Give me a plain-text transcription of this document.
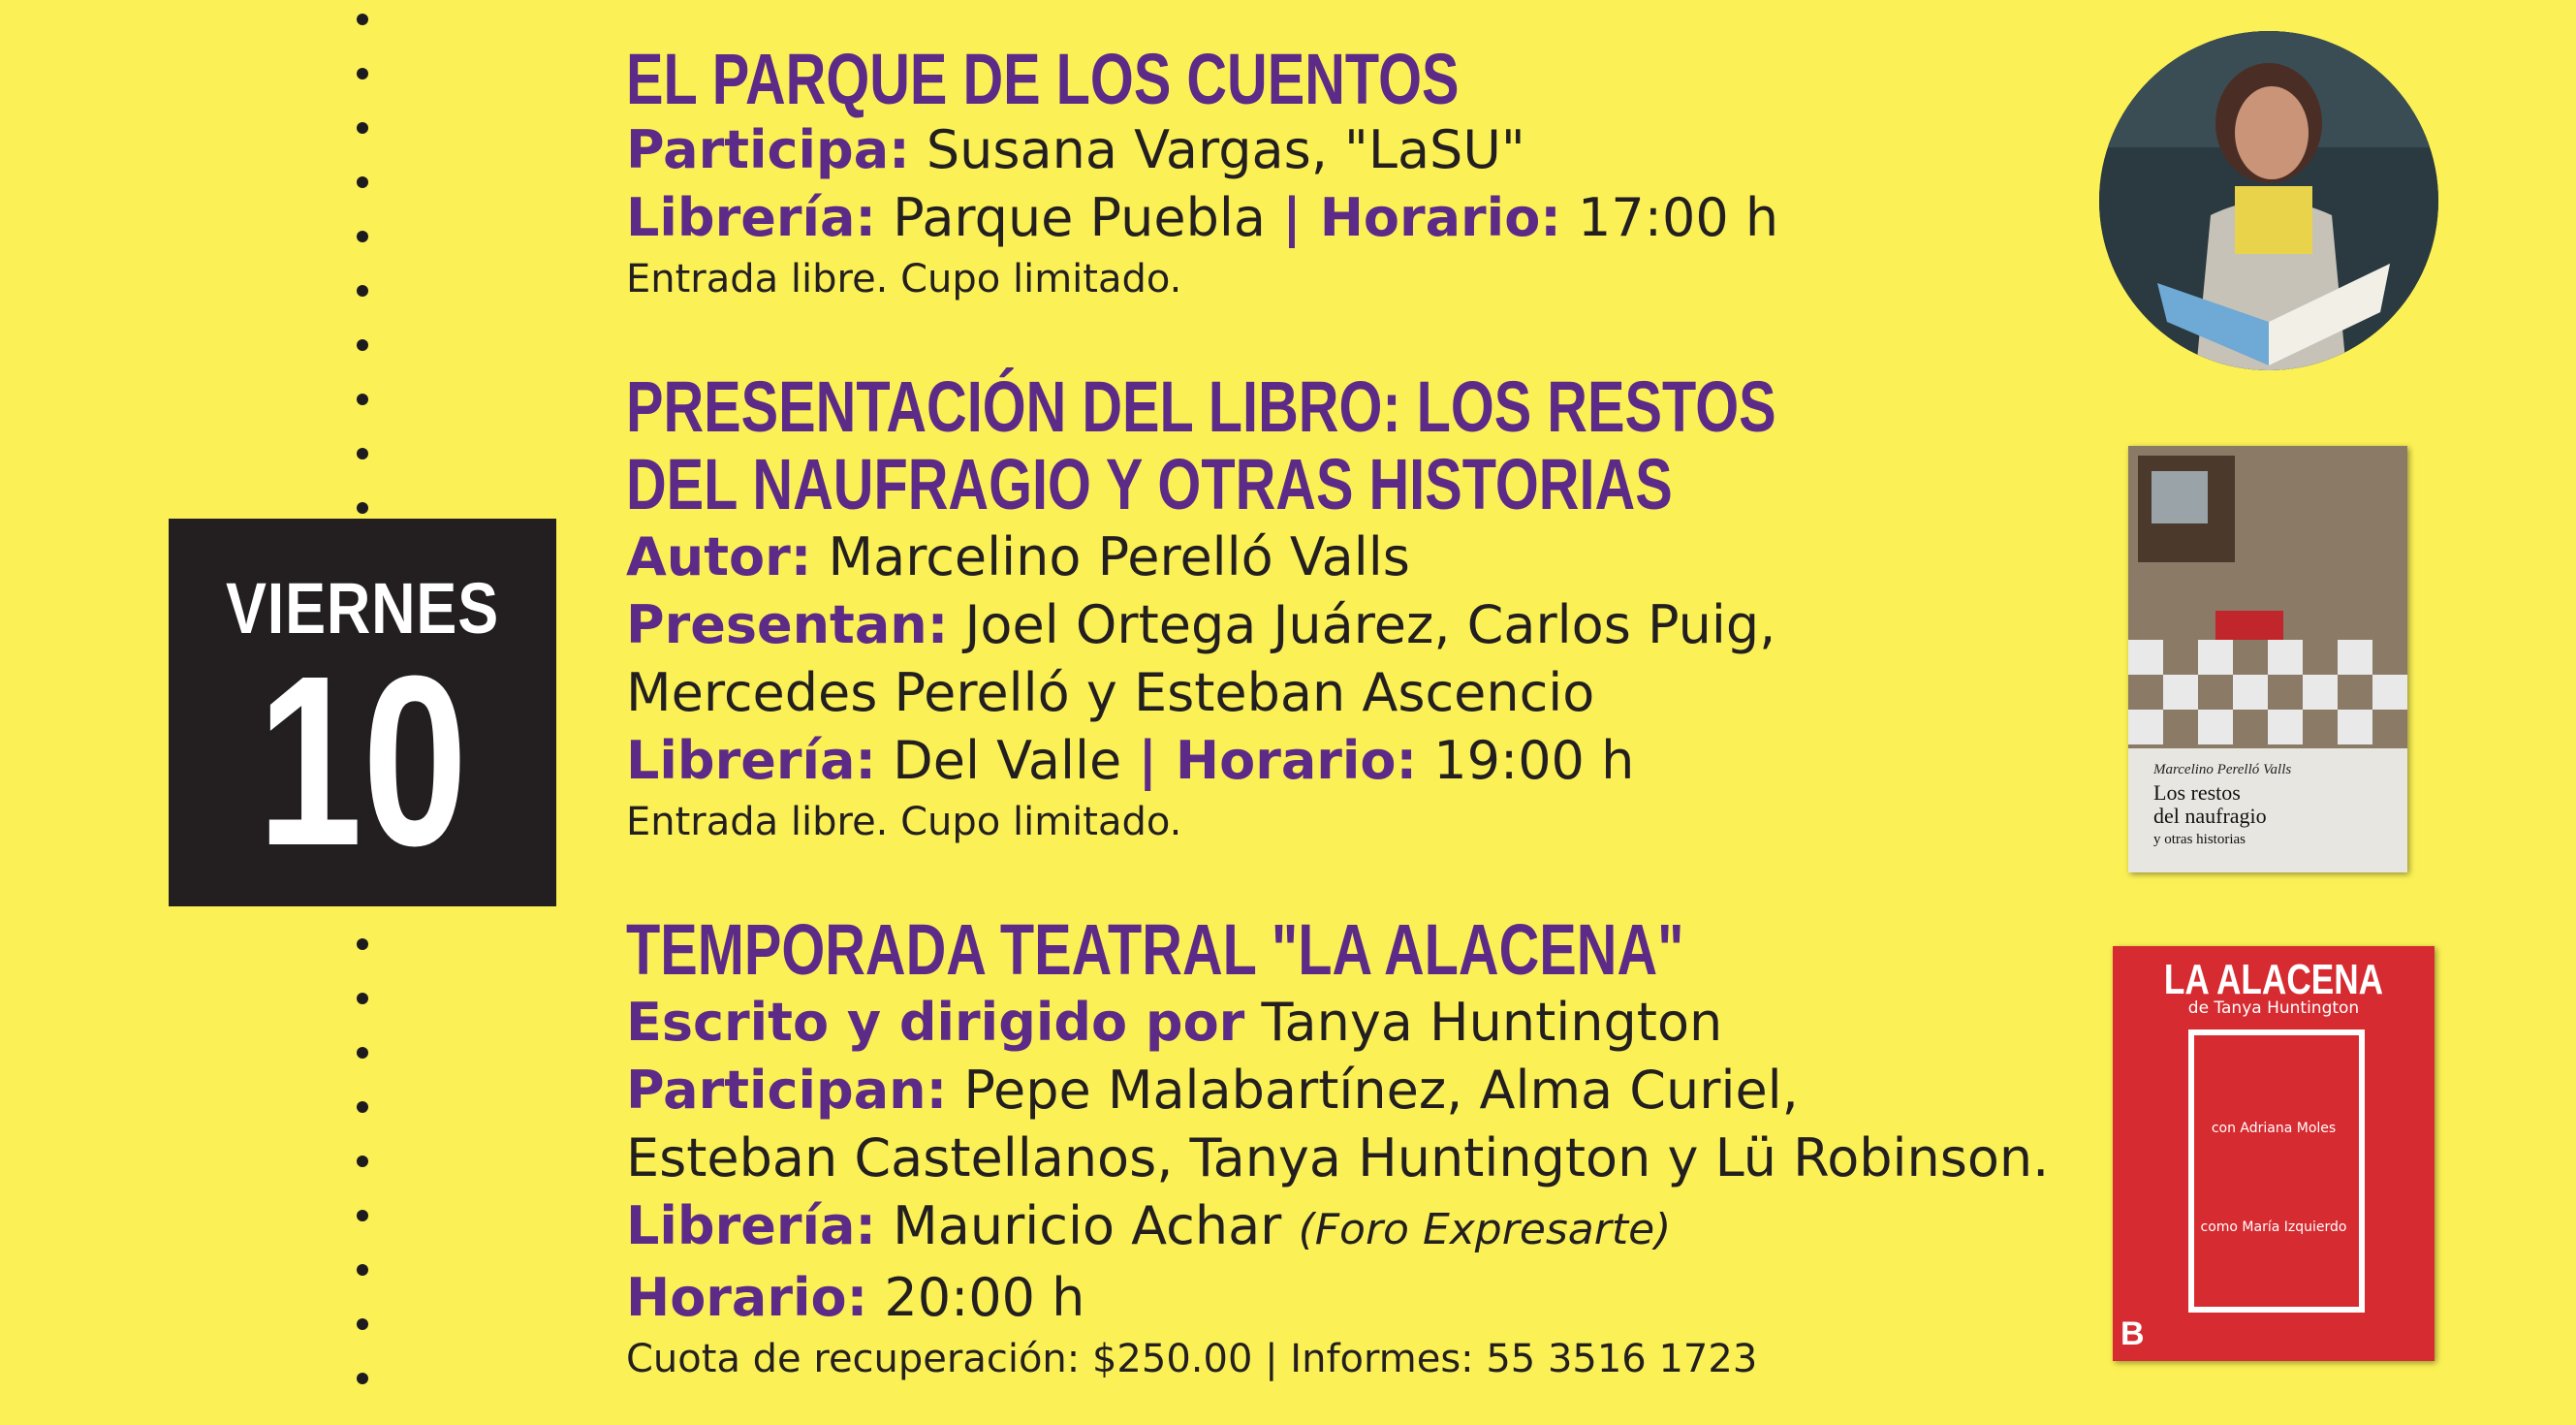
VIERNES
10
EL PARQUE DE LOS CUENTOS
Participa: Susana Vargas, "LaSU"
Librería: Parque Puebla | Horario: 17:00 h
Entrada libre. Cupo limitado.
PRESENTACIÓN DEL LIBRO: LOS RESTOS
DEL NAUFRAGIO Y OTRAS HISTORIAS
Autor: Marcelino Perelló Valls
Presentan: Joel Ortega Juárez, Carlos Puig,
Mercedes Perelló y Esteban Ascencio
Librería: Del Valle | Horario: 19:00 h
Entrada libre. Cupo limitado.
TEMPORADA TEATRAL "LA ALACENA"
Escrito y dirigido por Tanya Huntington
Participan: Pepe Malabartínez, Alma Curiel,
Esteban Castellanos, Tanya Huntington y Lü Robinson.
Librería: Mauricio Achar (Foro Expresarte)
Horario: 20:00 h
Cuota de recuperación: $250.00 | Informes: 55 3516 1723
Marcelino Perelló Valls
Los restos
del naufragio
y otras historias
LA ALACENA
de Tanya Huntington
con Adriana Moles
como María Izquierdo
B
